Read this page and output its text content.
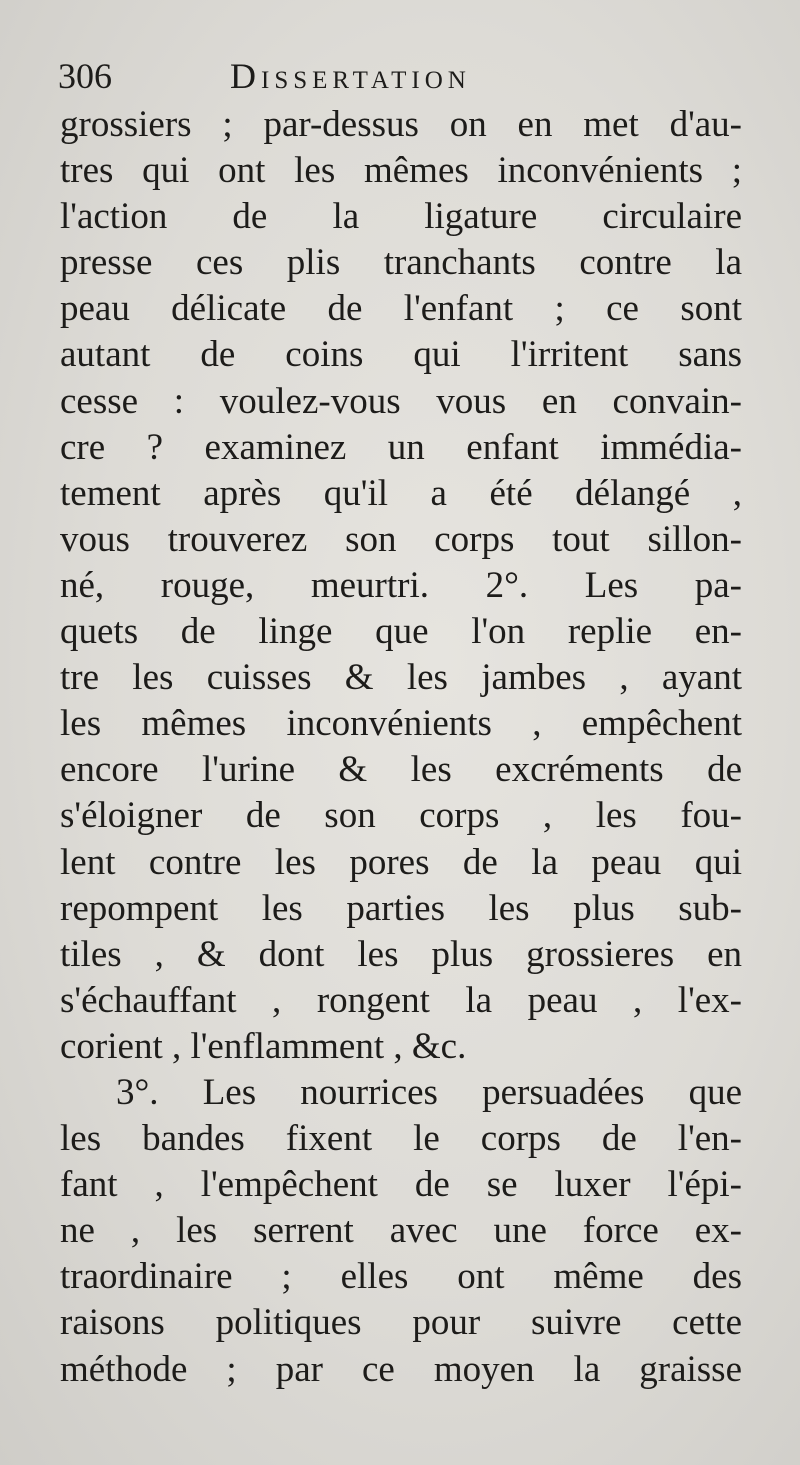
306	Dissertation
grossiers ; par-dessus on en met d'au-
tres qui ont les mêmes inconvénients ;
l'action de la ligature circulaire
presse ces plis tranchants contre la
peau délicate de l'enfant ; ce sont
autant de coins qui l'irritent sans
cesse : voulez-vous vous en convain-
cre ? examinez un enfant immédia-
tement après qu'il a été délangé ,
vous trouverez son corps tout sillon-
né, rouge, meurtri. 2°. Les pa-
quets de linge que l'on replie en-
tre les cuisses & les jambes , ayant
les mêmes inconvénients , empêchent
encore l'urine & les excréments de
s'éloigner de son corps , les fou-
lent contre les pores de la peau qui
repompent les parties les plus sub-
tiles , & dont les plus grossieres en
s'échauffant , rongent la peau , l'ex-
corient , l'enflamment , &c.
3°. Les nourrices persuadées que
les bandes fixent le corps de l'en-
fant , l'empêchent de se luxer l'épi-
ne , les serrent avec une force ex-
traordinaire ; elles ont même des
raisons politiques pour suivre cette
méthode ; par ce moyen la graisse
